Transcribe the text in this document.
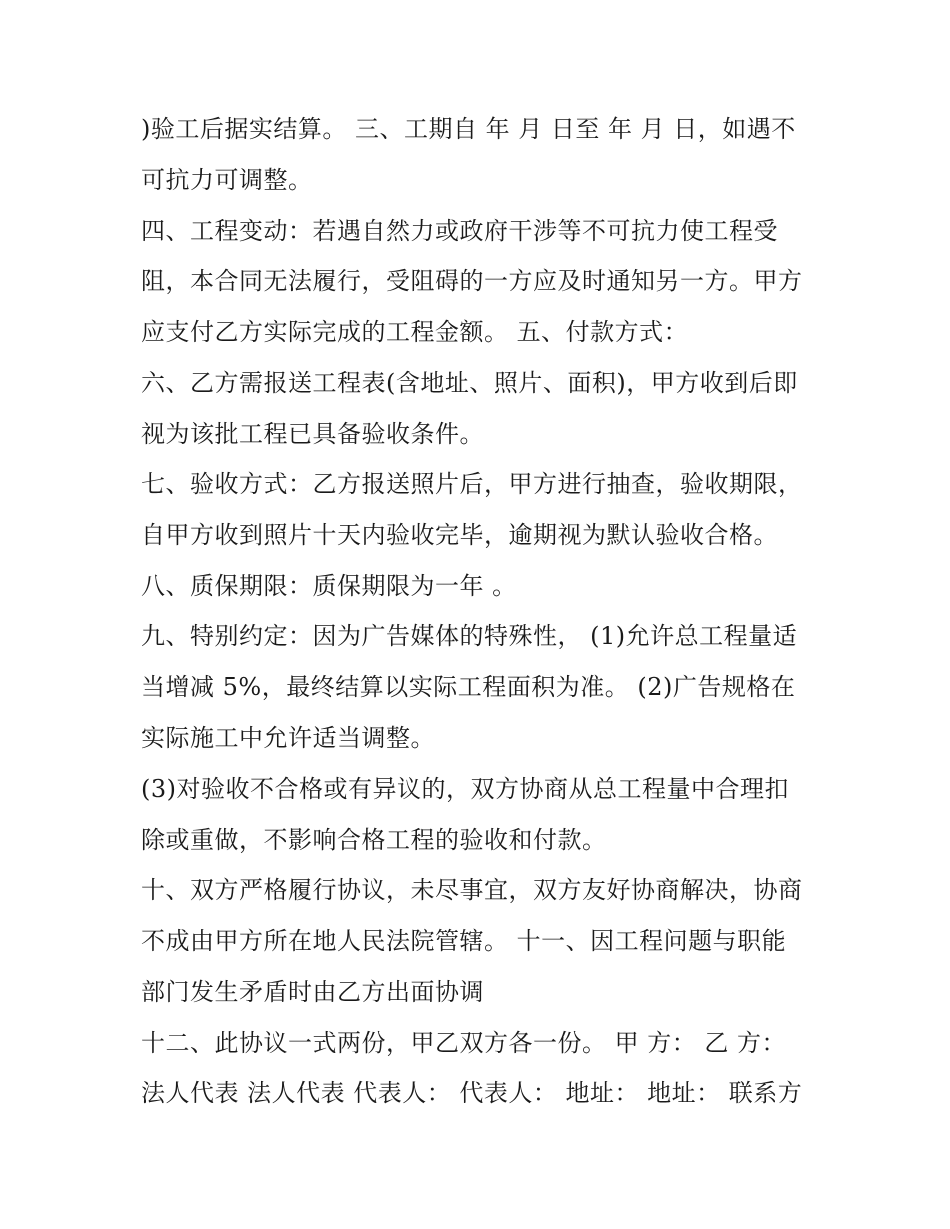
)验工后据实结算。 三、工期自 年 月 日至 年 月 日，如遇不
可抗力可调整。
四、工程变动：若遇自然力或政府干涉等不可抗力使工程受
阻，本合同无法履行，受阻碍的一方应及时通知另一方。甲方
应支付乙方实际完成的工程金额。 五、付款方式：
六、乙方需报送工程表(含地址、照片、面积)，甲方收到后即
视为该批工程已具备验收条件。
七、验收方式：乙方报送照片后，甲方进行抽查，验收期限，
自甲方收到照片十天内验收完毕，逾期视为默认验收合格。
八、质保期限：质保期限为一年 。
九、特别约定：因为广告媒体的特殊性， (1)允许总工程量适
当增减 5%，最终结算以实际工程面积为准。 (2)广告规格在
实际施工中允许适当调整。
(3)对验收不合格或有异议的，双方协商从总工程量中合理扣
除或重做，不影响合格工程的验收和付款。
十、双方严格履行协议，未尽事宜，双方友好协商解决，协商
不成由甲方所在地人民法院管辖。 十一、因工程问题与职能
部门发生矛盾时由乙方出面协调
十二、此协议一式两份，甲乙双方各一份。 甲 方： 乙 方：
法人代表 法人代表 代表人： 代表人： 地址： 地址： 联系方
